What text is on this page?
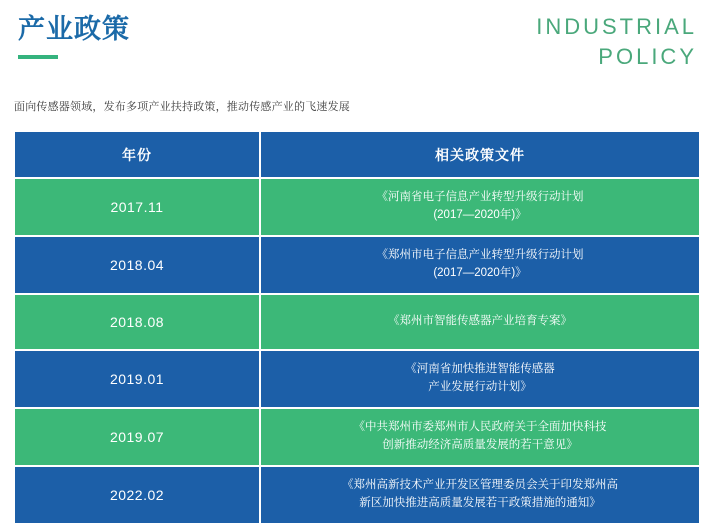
产业政策	INDUSTRIAL
POLICY
面向传感器领域，发布多项产业扶持政策，推动传感产业的飞速发展
年份	相关政策文件
2017.11	《河南省电子信息产业转型升级行动计划
(2017—2020年)》

2018.04	《郑州市电子信息产业转型升级行动计划
(2017—2020年)》

2018.08	《郑州市智能传感器产业培育专案》

2019.01	《河南省加快推进智能传感器
产业发展行动计划》

2019.07	《中共郑州市委郑州市人民政府关于全面加快科技
创新推动经济高质量发展的若干意见》

2022.02	《郑州高新技术产业开发区管理委员会关于印发郑州高
新区加快推进高质量发展若干政策措施的通知》
